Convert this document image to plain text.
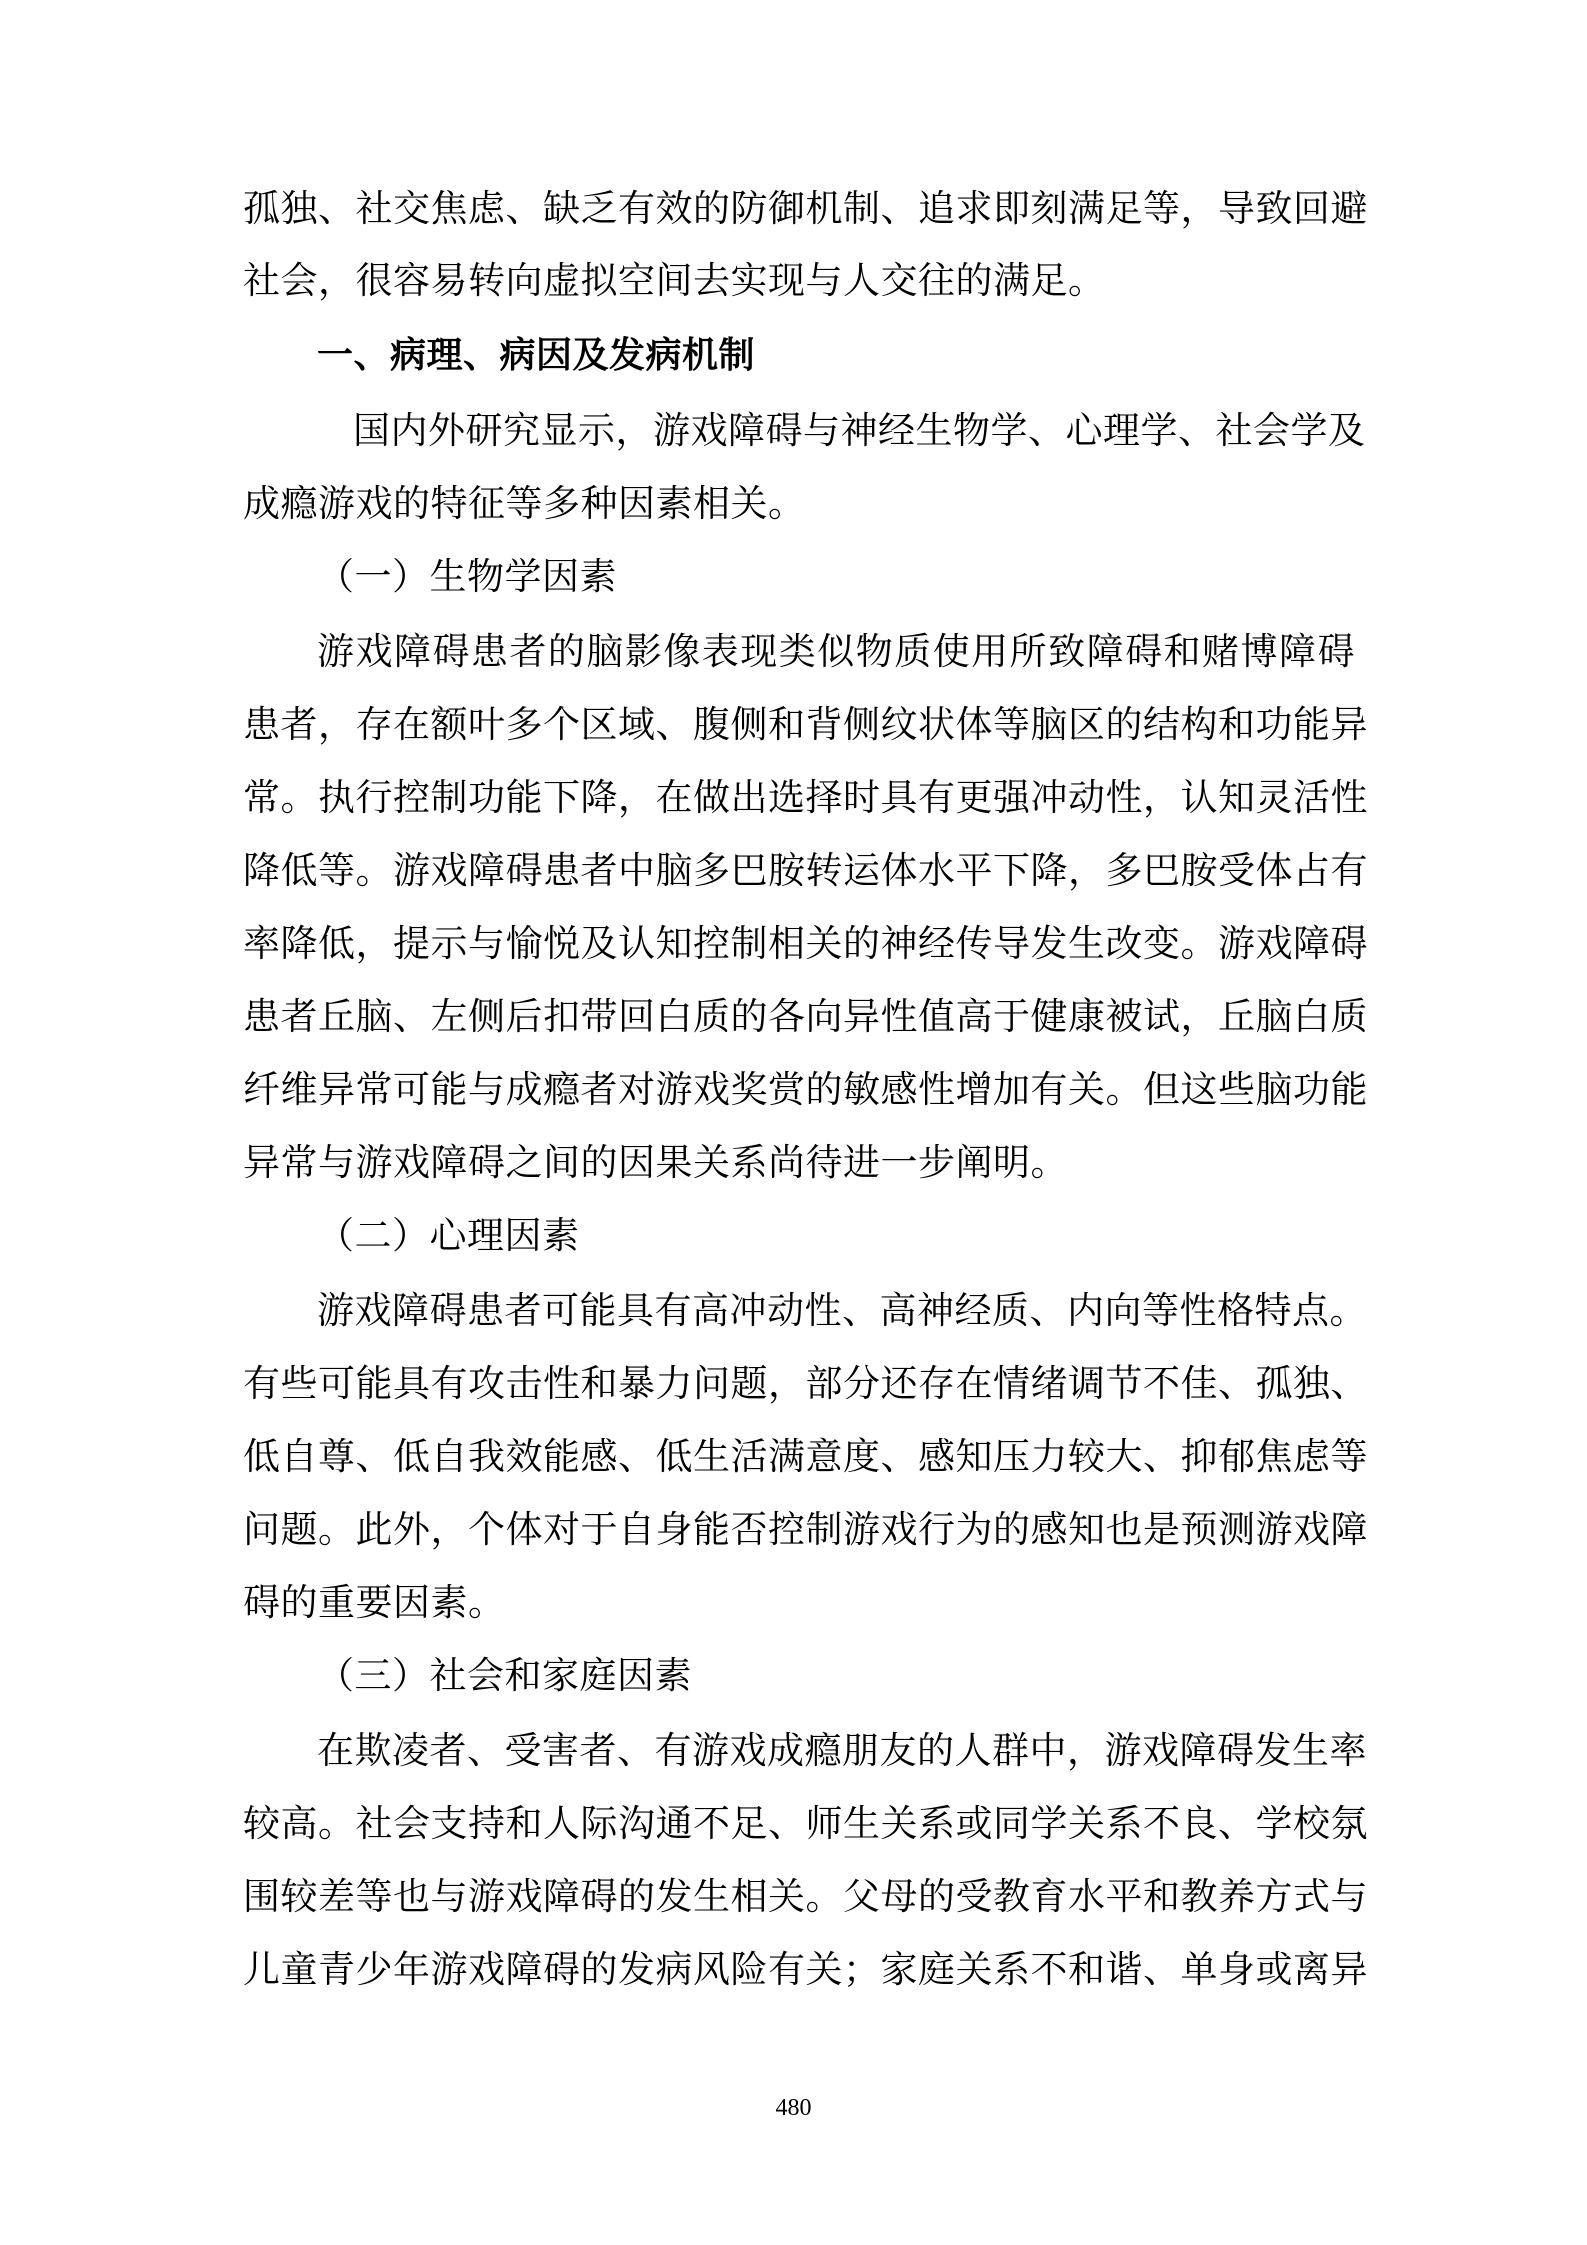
孤独、社交焦虑、缺乏有效的防御机制、追求即刻满足等，导致回避
社会，很容易转向虚拟空间去实现与人交往的满足。
一、病理、病因及发病机制
国内外研究显示，游戏障碍与神经生物学、心理学、社会学及
成瘾游戏的特征等多种因素相关。
（一）生物学因素
游戏障碍患者的脑影像表现类似物质使用所致障碍和赌博障碍
患者，存在额叶多个区域、腹侧和背侧纹状体等脑区的结构和功能异
常。执行控制功能下降，在做出选择时具有更强冲动性，认知灵活性
降低等。游戏障碍患者中脑多巴胺转运体水平下降，多巴胺受体占有
率降低，提示与愉悦及认知控制相关的神经传导发生改变。游戏障碍
患者丘脑、左侧后扣带回白质的各向异性值高于健康被试，丘脑白质
纤维异常可能与成瘾者对游戏奖赏的敏感性增加有关。但这些脑功能
异常与游戏障碍之间的因果关系尚待进一步阐明。
（二）心理因素
游戏障碍患者可能具有高冲动性、高神经质、内向等性格特点。
有些可能具有攻击性和暴力问题，部分还存在情绪调节不佳、孤独、
低自尊、低自我效能感、低生活满意度、感知压力较大、抑郁焦虑等
问题。此外，个体对于自身能否控制游戏行为的感知也是预测游戏障
碍的重要因素。
（三）社会和家庭因素
在欺凌者、受害者、有游戏成瘾朋友的人群中，游戏障碍发生率
较高。社会支持和人际沟通不足、师生关系或同学关系不良、学校氛
围较差等也与游戏障碍的发生相关。父母的受教育水平和教养方式与
儿童青少年游戏障碍的发病风险有关；家庭关系不和谐、单身或离异
480
